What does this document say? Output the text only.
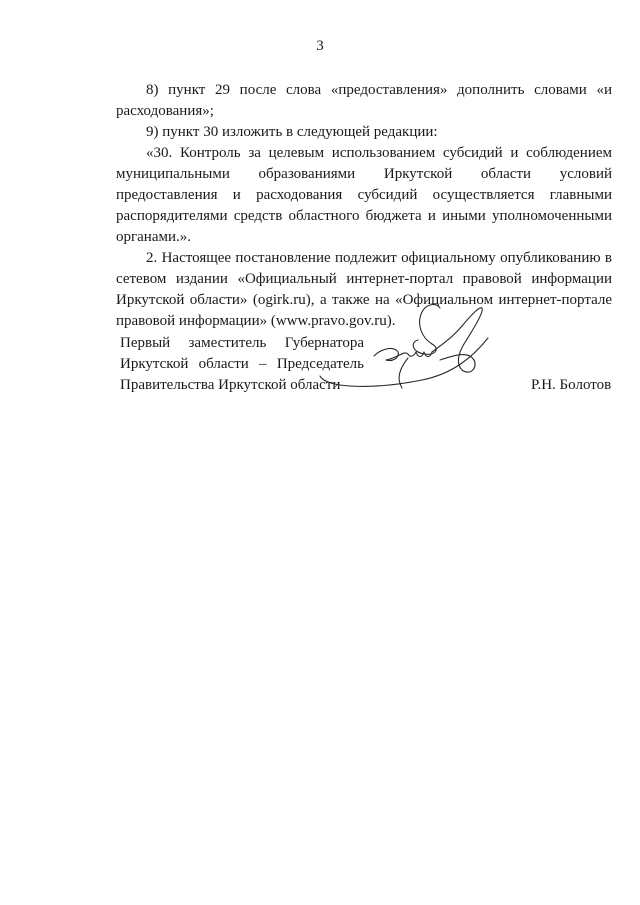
3

8) пункт 29 после слова «предоставления» дополнить словами «и расходования»;

9) пункт 30 изложить в следующей редакции:

«30. Контроль за целевым использованием субсидий и соблюдением муниципальными образованиями Иркутской области условий предоставления и расходования субсидий осуществляется главными распорядителями средств областного бюджета и иными уполномоченными органами.».

2. Настоящее постановление подлежит официальному опубликованию в сетевом издании «Официальный интернет-портал правовой информации Иркутской области» (ogirk.ru), а также на «Официальном интернет-портале правовой информации» (www.pravo.gov.ru).

Первый заместитель Губернатора
Иркутской области – Председатель
Правительства Иркутской области	Р.Н. Болотов
